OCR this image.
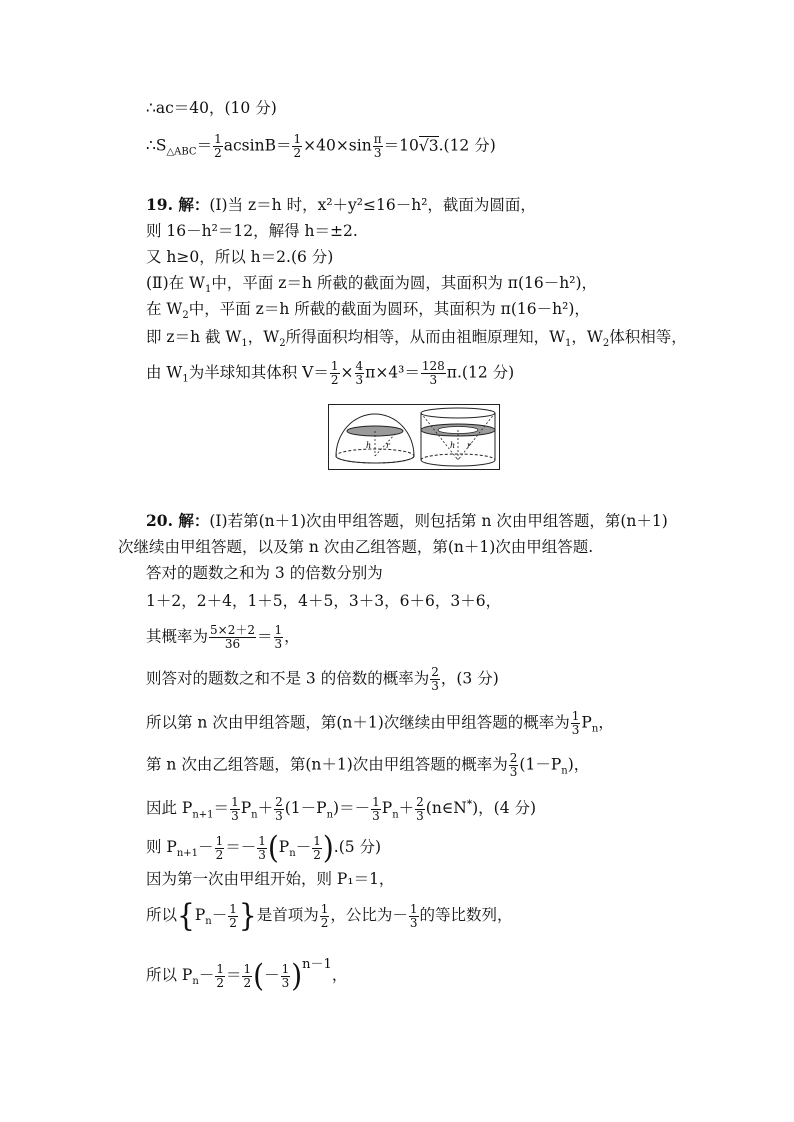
∴ac＝40，(10 分)
$\therefore S_{\triangle ABC}= \frac{1}{2} acsinB= \frac{1}{2} \times 40\times\sin \frac{\pi}{3} =10√3.(12$ 分)
19. 解：(Ⅰ)当 z＝h 时，x²＋y²≤16－h²，截面为圆面，
则 16－h²＝12，解得 h＝±2.
又 h≥0，所以 h＝2.(6 分)
(Ⅱ)在 $W_1$中，平面 z＝h 所截的截面为圆，其面积为 π(16－h²)，
在 $W_2$中，平面 z＝h 所截的截面为圆环，其面积为 π(16－h²)，
即 z＝h 截 $W_1$，$W_2$所得面积均相等，从而由祖暅原理知，$W_1$，$W_2$体积相等，
由 $W_1$为半球知其体积 $V= \frac{1}{2} \times \frac{4}{3} \pi\times 4^3= \frac{128}{3} \pi.(12$ 分)
h r	h r
20. 解：(Ⅰ)若第(n＋1)次由甲组答题，则包括第 n 次由甲组答题，第(n＋1)
次继续由甲组答题，以及第 n 次由乙组答题，第(n＋1)次由甲组答题.
答对的题数之和为 3 的倍数分别为
1＋2，2＋4，1＋5，4＋5，3＋3，6＋6，3＋6，
其概率为 $\frac{5\times 2+2}{36} = \frac{1}{3}$ ，
则答对的题数之和不是 3 的倍数的概率为 $\frac{2}{3}$ ，(3 分)
所以第 n 次由甲组答题，第(n＋1)次继续由甲组答题的概率为 $\frac{1}{3} P_n$，
第 n 次由乙组答题，第(n＋1)次由甲组答题的概率为 $\frac{2}{3} (1-P_n)$，
因此 $P_{n+1}= \frac{1}{3} P_n+ \frac{2}{3} (1-P_n)=- \frac{1}{3} P_n+ \frac{2}{3}$ (n∈N*)，(4 分)
则 $P_{n+1}- \frac{1}{2} =- \frac{1}{3} (P_n- \frac{1}{2} ).(5$ 分)
因为第一次由甲组开始，则 P₁＝1，
所以{$P_n- \frac{1}{2}$ }是首项为 $\frac{1}{2}$ ，公比为－ $\frac{1}{3}$ 的等比数列，
所以 $P_n- \frac{1}{2} = \frac{1}{2}$ (－ $\frac{1}{3} )^{n-1}$，
